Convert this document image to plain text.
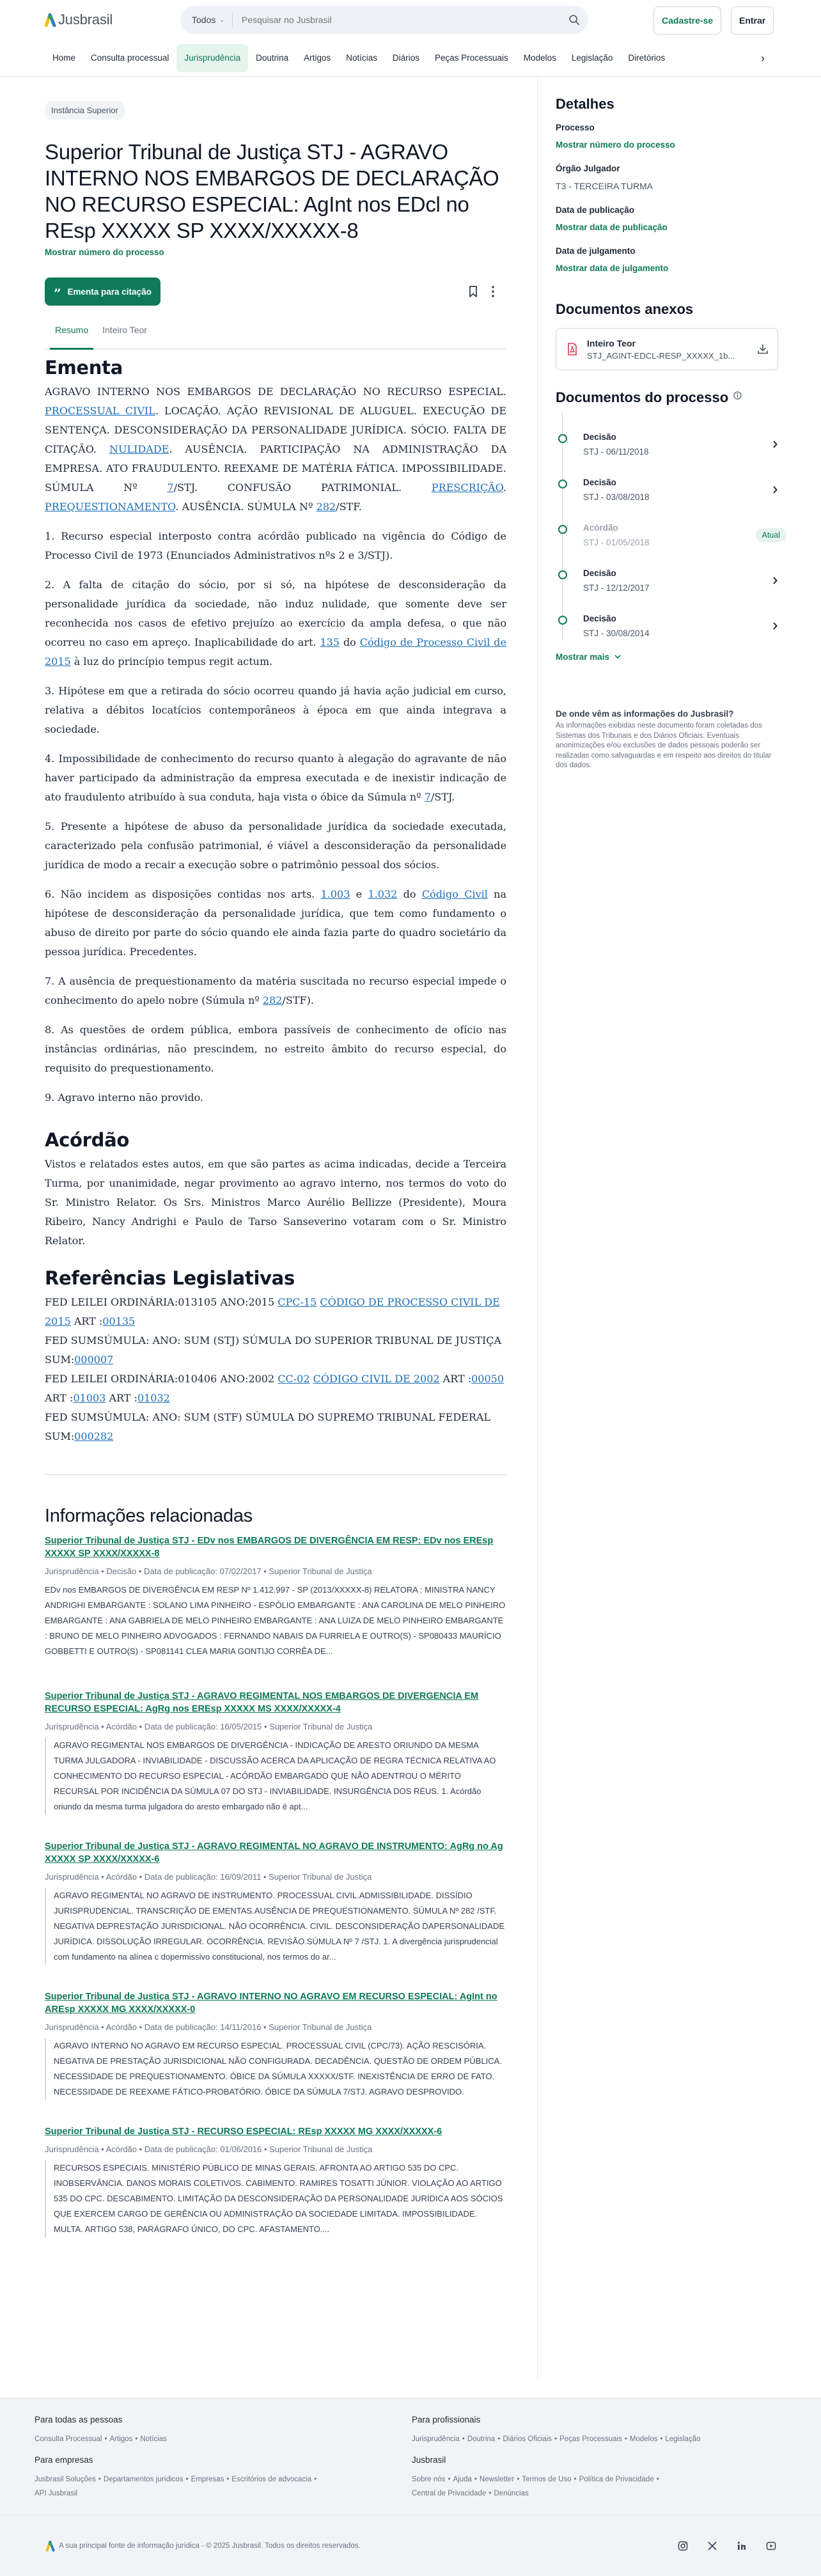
Jusbrasil	Todos ⌄
Pesquisar no Jusbrasil	Cadastre-se	Entrar
Home	Consulta processual	Jurisprudência	Doutrina	Artigos	Notícias	Diários	Peças Processuais	Modelos	Legislação	Diretórios	›
Instância Superior
Superior Tribunal de Justiça STJ - AGRAVO INTERNO NOS EMBARGOS DE DECLARAÇÃO NO RECURSO ESPECIAL: AgInt nos EDcl no REsp XXXXX SP XXXX/XXXXX-8
Mostrar número do processo
” Ementa para citação
Resumo Inteiro Teor
Ementa

AGRAVO INTERNO NOS EMBARGOS DE DECLARAÇÃO NO RECURSO ESPECIAL. PROCESSUAL CIVIL. LOCAÇÃO. AÇÃO REVISIONAL DE ALUGUEL. EXECUÇÃO DE SENTENÇA. DESCONSIDERAÇÃO DA PERSONALIDADE JURÍDICA. SÓCIO. FALTA DE CITAÇÃO. NULIDADE. AUSÊNCIA. PARTICIPAÇÃO NA ADMINISTRAÇÃO DA EMPRESA. ATO FRAUDULENTO. REEXAME DE MATÉRIA FÁTICA. IMPOSSIBILIDADE. SÚMULA Nº 7/STJ. CONFUSÃO PATRIMONIAL. PRESCRIÇÃO. PREQUESTIONAMENTO. AUSÊNCIA. SÚMULA Nº 282/STF.

1. Recurso especial interposto contra acórdão publicado na vigência do Código de Processo Civil de 1973 (Enunciados Administrativos nºs 2 e 3/STJ).

2. A falta de citação do sócio, por si só, na hipótese de desconsideração da personalidade jurídica da sociedade, não induz nulidade, que somente deve ser reconhecida nos casos de efetivo prejuízo ao exercício da ampla defesa, o que não ocorreu no caso em apreço. Inaplicabilidade do art. 135 do Código de Processo Civil de 2015 à luz do princípio tempus regit actum.

3. Hipótese em que a retirada do sócio ocorreu quando já havia ação judicial em curso, relativa a débitos locatícios contemporâneos à época em que ainda integrava a sociedade.

4. Impossibilidade de conhecimento do recurso quanto à alegação do agravante de não haver participado da administração da empresa executada e de inexistir indicação de ato fraudulento atribuído à sua conduta, haja vista o óbice da Súmula nº 7/STJ.

5. Presente a hipótese de abuso da personalidade jurídica da sociedade executada, caracterizado pela confusão patrimonial, é viável a desconsideração da personalidade jurídica de modo a recair a execução sobre o patrimônio pessoal dos sócios.

6. Não incidem as disposições contidas nos arts. 1.003 e 1.032 do Código Civil na hipótese de desconsideração da personalidade jurídica, que tem como fundamento o abuso de direito por parte do sócio quando ele ainda fazia parte do quadro societário da pessoa jurídica. Precedentes.

7. A ausência de prequestionamento da matéria suscitada no recurso especial impede o conhecimento do apelo nobre (Súmula nº 282/STF).

8. As questões de ordem pública, embora passíveis de conhecimento de ofício nas instâncias ordinárias, não prescindem, no estreito âmbito do recurso especial, do requisito do prequestionamento.

9. Agravo interno não provido.

Acórdão

Vistos e relatados estes autos, em que são partes as acima indicadas, decide a Terceira Turma, por unanimidade, negar provimento ao agravo interno, nos termos do voto do Sr. Ministro Relator. Os Srs. Ministros Marco Aurélio Bellizze (Presidente), Moura Ribeiro, Nancy Andrighi e Paulo de Tarso Sanseverino votaram com o Sr. Ministro Relator.

Referências Legislativas
FED LEILEI ORDINÁRIA:013105 ANO:2015 CPC-15 CÓDIGO DE PROCESSO CIVIL DE 2015 ART :00135
FED SUMSÚMULA: ANO: SUM (STJ) SÚMULA DO SUPERIOR TRIBUNAL DE JUSTIÇA SUM:000007
FED LEILEI ORDINÁRIA:010406 ANO:2002 CC-02 CÓDIGO CIVIL DE 2002 ART :00050 ART :01003 ART :01032
FED SUMSÚMULA: ANO: SUM (STF) SÚMULA DO SUPREMO TRIBUNAL FEDERAL SUM:000282
Informações relacionadas
Superior Tribunal de Justiça STJ - EDv nos EMBARGOS DE DIVERGÊNCIA EM RESP: EDv nos EREsp XXXXX SP XXXX/XXXXX-8
Jurisprudência • Decisão • Data de publicação: 07/02/2017 • Superior Tribunal de Justiça
EDv nos EMBARGOS DE DIVERGÊNCIA EM RESP Nº 1.412.997 - SP (2013/XXXXX-8) RELATORA : MINISTRA NANCY ANDRIGHI EMBARGANTE : SOLANO LIMA PINHEIRO - ESPÓLIO EMBARGANTE : ANA CAROLINA DE MELO PINHEIRO EMBARGANTE : ANA GABRIELA DE MELO PINHEIRO EMBARGANTE : ANA LUIZA DE MELO PINHEIRO EMBARGANTE : BRUNO DE MELO PINHEIRO ADVOGADOS : FERNANDO NABAIS DA FURRIELA E OUTRO(S) - SP080433 MAURÍCIO GOBBETTI E OUTRO(S) - SP081141 CLEA MARIA GONTIJO CORRÊA DE...
Superior Tribunal de Justiça STJ - AGRAVO REGIMENTAL NOS EMBARGOS DE DIVERGENCIA EM RECURSO ESPECIAL: AgRg nos EREsp XXXXX MS XXXX/XXXXX-4
Jurisprudência • Acórdão • Data de publicação: 16/05/2015 • Superior Tribunal de Justiça
AGRAVO REGIMENTAL NOS EMBARGOS DE DIVERGÊNCIA - INDICAÇÃO DE ARESTO ORIUNDO DA MESMA TURMA JULGADORA - INVIABILIDADE - DISCUSSÃO ACERCA DA APLICAÇÃO DE REGRA TÉCNICA RELATIVA AO CONHECIMENTO DO RECURSO ESPECIAL - ACÓRDÃO EMBARGADO QUE NÃO ADENTROU O MÉRITO RECURSAL POR INCIDÊNCIA DA SÚMULA 07 DO STJ - INVIABILIDADE. INSURGÊNCIA DOS RÉUS. 1. Acórdão oriundo da mesma turma julgadora do aresto embargado não é apt...
Superior Tribunal de Justiça STJ - AGRAVO REGIMENTAL NO AGRAVO DE INSTRUMENTO: AgRg no Ag XXXXX SP XXXX/XXXXX-6
Jurisprudência • Acórdão • Data de publicação: 16/09/2011 • Superior Tribunal de Justiça
AGRAVO REGIMENTAL NO AGRAVO DE INSTRUMENTO. PROCESSUAL CIVIL.ADMISSIBILIDADE. DISSÍDIO JURISPRUDENCIAL. TRANSCRIÇÃO DE EMENTAS.AUSÊNCIA DE PREQUESTIONAMENTO. SÚMULA Nº 282 /STF. NEGATIVA DEPRESTAÇÃO JURISDICIONAL. NÃO OCORRÊNCIA. CIVIL. DESCONSIDERAÇÃO DAPERSONALIDADE JURÍDICA. DISSOLUÇÃO IRREGULAR. OCORRÊNCIA. REVISÃO.SÚMULA Nº 7 /STJ. 1. A divergência jurisprudencial com fundamento na alínea c dopermissivo constitucional, nos termos do ar...
Superior Tribunal de Justiça STJ - AGRAVO INTERNO NO AGRAVO EM RECURSO ESPECIAL: AgInt no AREsp XXXXX MG XXXX/XXXXX-0
Jurisprudência • Acórdão • Data de publicação: 14/11/2016 • Superior Tribunal de Justiça
AGRAVO INTERNO NO AGRAVO EM RECURSO ESPECIAL. PROCESSUAL CIVIL (CPC/73). AÇÃO RESCISÓRIA. NEGATIVA DE PRESTAÇÃO JURISDICIONAL NÃO CONFIGURADA. DECADÊNCIA. QUESTÃO DE ORDEM PÚBLICA. NECESSIDADE DE PREQUESTIONAMENTO. ÓBICE DA SÚMULA XXXXX/STF. INEXISTÊNCIA DE ERRO DE FATO. NECESSIDADE DE REEXAME FÁTICO-PROBATÓRIO. ÓBICE DA SÚMULA 7/STJ. AGRAVO DESPROVIDO.
Superior Tribunal de Justiça STJ - RECURSO ESPECIAL: REsp XXXXX MG XXXX/XXXXX-6
Jurisprudência • Acórdão • Data de publicação: 01/06/2016 • Superior Tribunal de Justiça
RECURSOS ESPECIAIS. MINISTÉRIO PÚBLICO DE MINAS GERAIS. AFRONTA AO ARTIGO 535 DO CPC. INOBSERVÂNCIA. DANOS MORAIS COLETIVOS. CABIMENTO. RAMIRES TOSATTI JÚNIOR. VIOLAÇÃO AO ARTIGO 535 DO CPC. DESCABIMENTO. LIMITAÇÃO DA DESCONSIDERAÇÃO DA PERSONALIDADE JURÍDICA AOS SÓCIOS QUE EXERCEM CARGO DE GERÊNCIA OU ADMINISTRAÇÃO DA SOCIEDADE LIMITADA. IMPOSSIBILIDADE. MULTA. ARTIGO 538, PARÁGRAFO ÚNICO, DO CPC. AFASTAMENTO....
Detalhes
Processo
Mostrar número do processo
Órgão Julgador
T3 - TERCEIRA TURMA
Data de publicação
Mostrar data de publicação
Data de julgamento
Mostrar data de julgamento
Documentos anexos
Inteiro Teor
STJ_AGINT-EDCL-RESP_XXXXX_1b...
Documentos do processo
Decisão
STJ - 06/11/2018
Decisão
STJ - 03/08/2018
Acórdão
STJ - 01/05/2018
Atual
Decisão
STJ - 12/12/2017
Decisão
STJ - 30/08/2014
Mostrar mais
De onde vêm as informações do Jusbrasil?
As informações exibidas neste documento foram coletadas dos Sistemas dos Tribunais e dos Diários Oficiais. Eventuais anonimizações e/ou exclusões de dados pessoais poderão ser realizadas como salvaguardas e em respeito aos direitos do titular dos dados.
Para todas as pessoas
Consulta Processual • Artigos • Notícias
Para empresas
Jusbrasil Soluções • Departamentos jurídicos • Empresas • Escritórios de advocacia •
API Jusbrasil
Para profissionais
Jurisprudência • Doutrina • Diários Oficiais • Peças Processuais • Modelos • Legislação
Jusbrasil
Sobre nós • Ajuda • Newsletter • Termos de Uso • Política de Privacidade •
Central de Privacidade • Denúncias
A sua principal fonte de informação jurídica - © 2025 Jusbrasil. Todos os direitos reservados.
